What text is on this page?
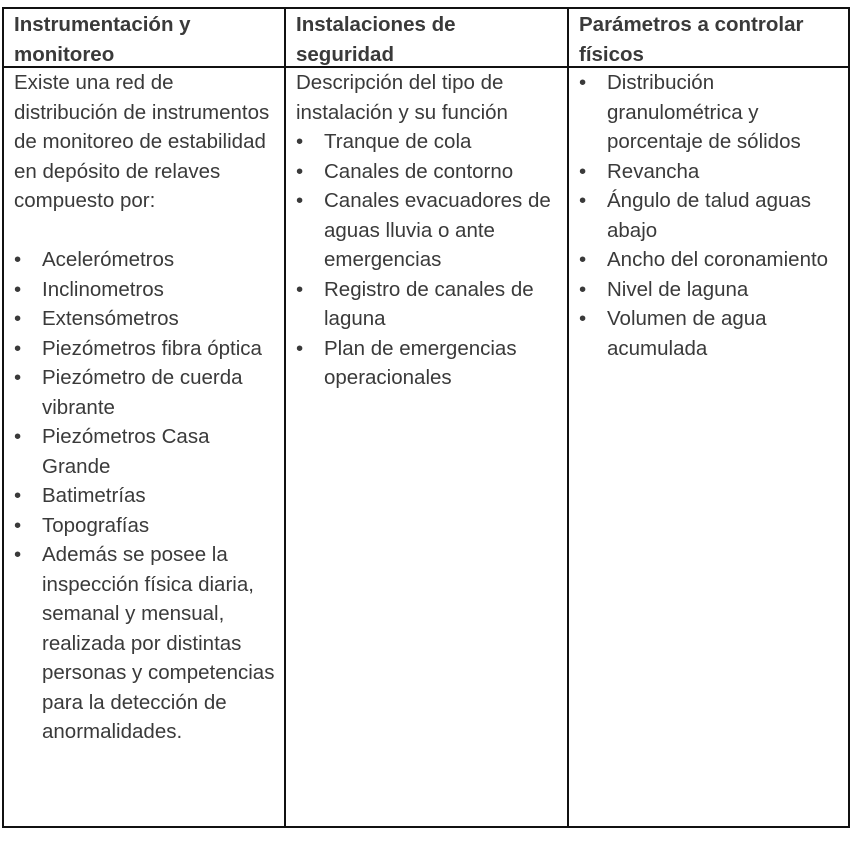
Instrumentación y monitoreo
Instalaciones de seguridad
Parámetros a controlar físicos
Existe una red de distribución de instrumentos de monitoreo de estabilidad en depósito de relaves compuesto por:
• Acelerómetros
• Inclinometros
• Extensómetros
• Piezómetros fibra óptica
• Piezómetro de cuerda vibrante
• Piezómetros Casa Grande
• Batimetrías
• Topografías
• Además se posee la inspección física diaria, semanal y mensual, realizada por distintas personas y competencias para la detección de anormalidades.
Descripción del tipo de instalación y su función
• Tranque de cola
• Canales de contorno
• Canales evacuadores de aguas lluvia o ante emergencias
• Registro de canales de laguna
• Plan de emergencias operacionales
• Distribución granulométrica y porcentaje de sólidos
• Revancha
• Ángulo de talud aguas abajo
• Ancho del coronamiento
• Nivel de laguna
• Volumen de agua acumulada
